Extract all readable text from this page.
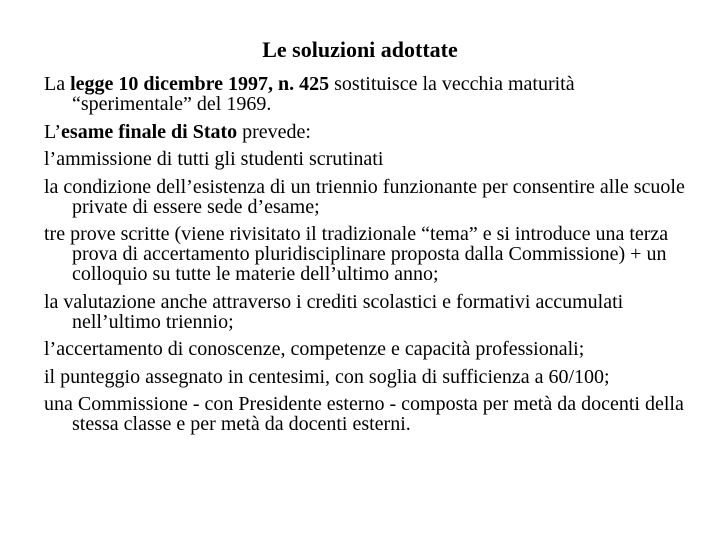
Le soluzioni adottate

La legge 10 dicembre 1997, n. 425 sostituisce la vecchia maturità “sperimentale” del 1969.

L’esame finale di Stato prevede:

l’ammissione di tutti gli studenti scrutinati

la condizione dell’esistenza di un triennio funzionante per consentire alle scuole private di essere sede d’esame;

tre prove scritte (viene rivisitato il tradizionale “tema” e si introduce una terza prova di accertamento pluridisciplinare proposta dalla Commissione) + un colloquio su tutte le materie dell’ultimo anno;

la valutazione anche attraverso i crediti scolastici e formativi accumulati nell’ultimo triennio;

l’accertamento di conoscenze, competenze e capacità professionali;

il punteggio assegnato in centesimi, con soglia di sufficienza a 60/100;

una Commissione - con Presidente esterno - composta per metà da docenti della stessa classe e per metà da docenti esterni.
